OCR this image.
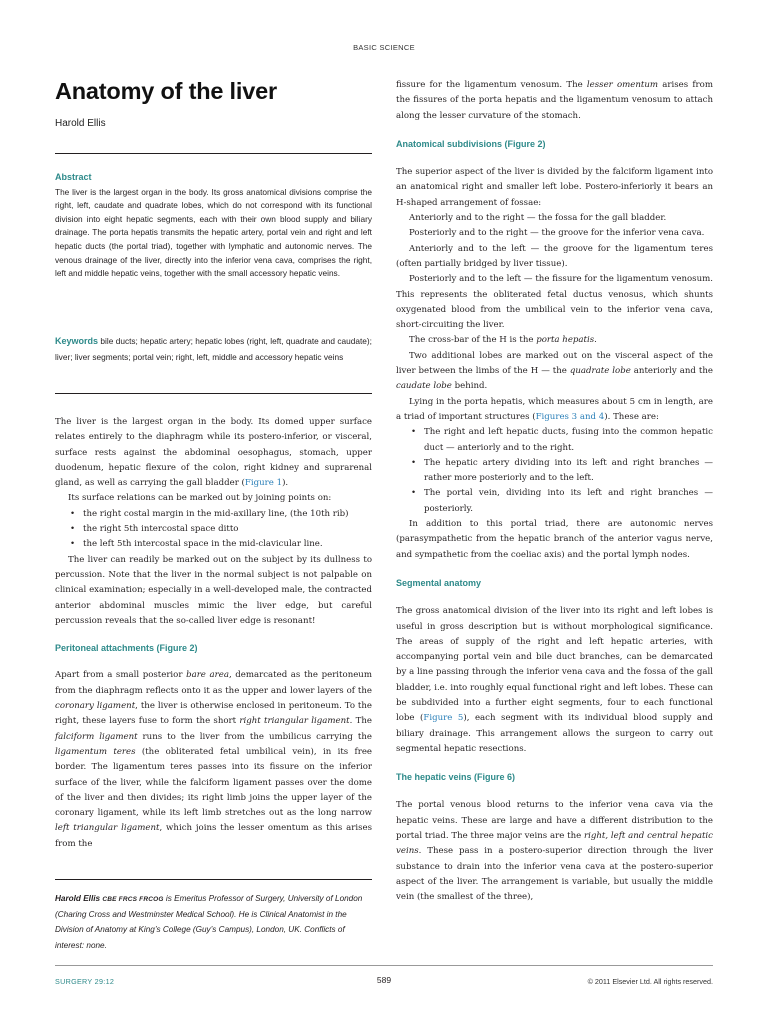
BASIC SCIENCE
Anatomy of the liver
Harold Ellis
Abstract
The liver is the largest organ in the body. Its gross anatomical divisions comprise the right, left, caudate and quadrate lobes, which do not correspond with its functional division into eight hepatic segments, each with their own blood supply and biliary drainage. The porta hepatis transmits the hepatic artery, portal vein and right and left hepatic ducts (the portal triad), together with lymphatic and autonomic nerves. The venous drainage of the liver, directly into the inferior vena cava, comprises the right, left and middle hepatic veins, together with the small accessory hepatic veins.
Keywords bile ducts; hepatic artery; hepatic lobes (right, left, quadrate and caudate); liver; liver segments; portal vein; right, left, middle and accessory hepatic veins

The liver is the largest organ in the body. Its domed upper surface relates entirely to the diaphragm while its postero-inferior, or visceral, surface rests against the abdominal oesophagus, stomach, upper duodenum, hepatic flexure of the colon, right kidney and suprarenal gland, as well as carrying the gall bladder (Figure 1).

Its surface relations can be marked out by joining points on:

• the right costal margin in the mid-axillary line, (the 10th rib)
• the right 5th intercostal space ditto
• the left 5th intercostal space in the mid-clavicular line.

The liver can readily be marked out on the subject by its dullness to percussion. Note that the liver in the normal subject is not palpable on clinical examination; especially in a well-developed male, the contracted anterior abdominal muscles mimic the liver edge, but careful percussion reveals that the so-called liver edge is resonant!

Peritoneal attachments (Figure 2)

Apart from a small posterior bare area, demarcated as the peritoneum from the diaphragm reflects onto it as the upper and lower layers of the coronary ligament, the liver is otherwise enclosed in peritoneum. To the right, these layers fuse to form the short right triangular ligament. The falciform ligament runs to the liver from the umbilicus carrying the ligamentum teres (the obliterated fetal umbilical vein), in its free border. The ligamentum teres passes into its fissure on the inferior surface of the liver, while the falciform ligament passes over the dome of the liver and then divides; its right limb joins the upper layer of the coronary ligament, while its left limb stretches out as the long narrow left triangular ligament, which joins the lesser omentum as this arises from the

Harold Ellis CBE FRCS FRCOG is Emeritus Professor of Surgery, University of London (Charing Cross and Westminster Medical School). He is Clinical Anatomist in the Division of Anatomy at King’s College (Guy’s Campus), London, UK. Conflicts of interest: none.

fissure for the ligamentum venosum. The lesser omentum arises from the fissures of the porta hepatis and the ligamentum venosum to attach along the lesser curvature of the stomach.

Anatomical subdivisions (Figure 2)

The superior aspect of the liver is divided by the falciform ligament into an anatomical right and smaller left lobe. Postero-inferiorly it bears an H-shaped arrangement of fossae:

Anteriorly and to the right — the fossa for the gall bladder.

Posteriorly and to the right — the groove for the inferior vena cava.

Anteriorly and to the left — the groove for the ligamentum teres (often partially bridged by liver tissue).

Posteriorly and to the left — the fissure for the ligamentum venosum. This represents the obliterated fetal ductus venosus, which shunts oxygenated blood from the umbilical vein to the inferior vena cava, short-circuiting the liver.

The cross-bar of the H is the porta hepatis.

Two additional lobes are marked out on the visceral aspect of the liver between the limbs of the H — the quadrate lobe anteriorly and the caudate lobe behind.

Lying in the porta hepatis, which measures about 5 cm in length, are a triad of important structures (Figures 3 and 4). These are:

• The right and left hepatic ducts, fusing into the common hepatic duct — anteriorly and to the right.
• The hepatic artery dividing into its left and right branches — rather more posteriorly and to the left.
• The portal vein, dividing into its left and right branches — posteriorly.

In addition to this portal triad, there are autonomic nerves (parasympathetic from the hepatic branch of the anterior vagus nerve, and sympathetic from the coeliac axis) and the portal lymph nodes.

Segmental anatomy

The gross anatomical division of the liver into its right and left lobes is useful in gross description but is without morphological significance. The areas of supply of the right and left hepatic arteries, with accompanying portal vein and bile duct branches, can be demarcated by a line passing through the inferior vena cava and the fossa of the gall bladder, i.e. into roughly equal functional right and left lobes. These can be subdivided into a further eight segments, four to each functional lobe (Figure 5), each segment with its individual blood supply and biliary drainage. This arrangement allows the surgeon to carry out segmental hepatic resections.

The hepatic veins (Figure 6)

The portal venous blood returns to the inferior vena cava via the hepatic veins. These are large and have a different distribution to the portal triad. The three major veins are the right, left and central hepatic veins. These pass in a postero-superior direction through the liver substance to drain into the inferior vena cava at the postero-superior aspect of the liver. The arrangement is variable, but usually the middle vein (the smallest of the three),

SURGERY 29:12	589	© 2011 Elsevier Ltd. All rights reserved.
